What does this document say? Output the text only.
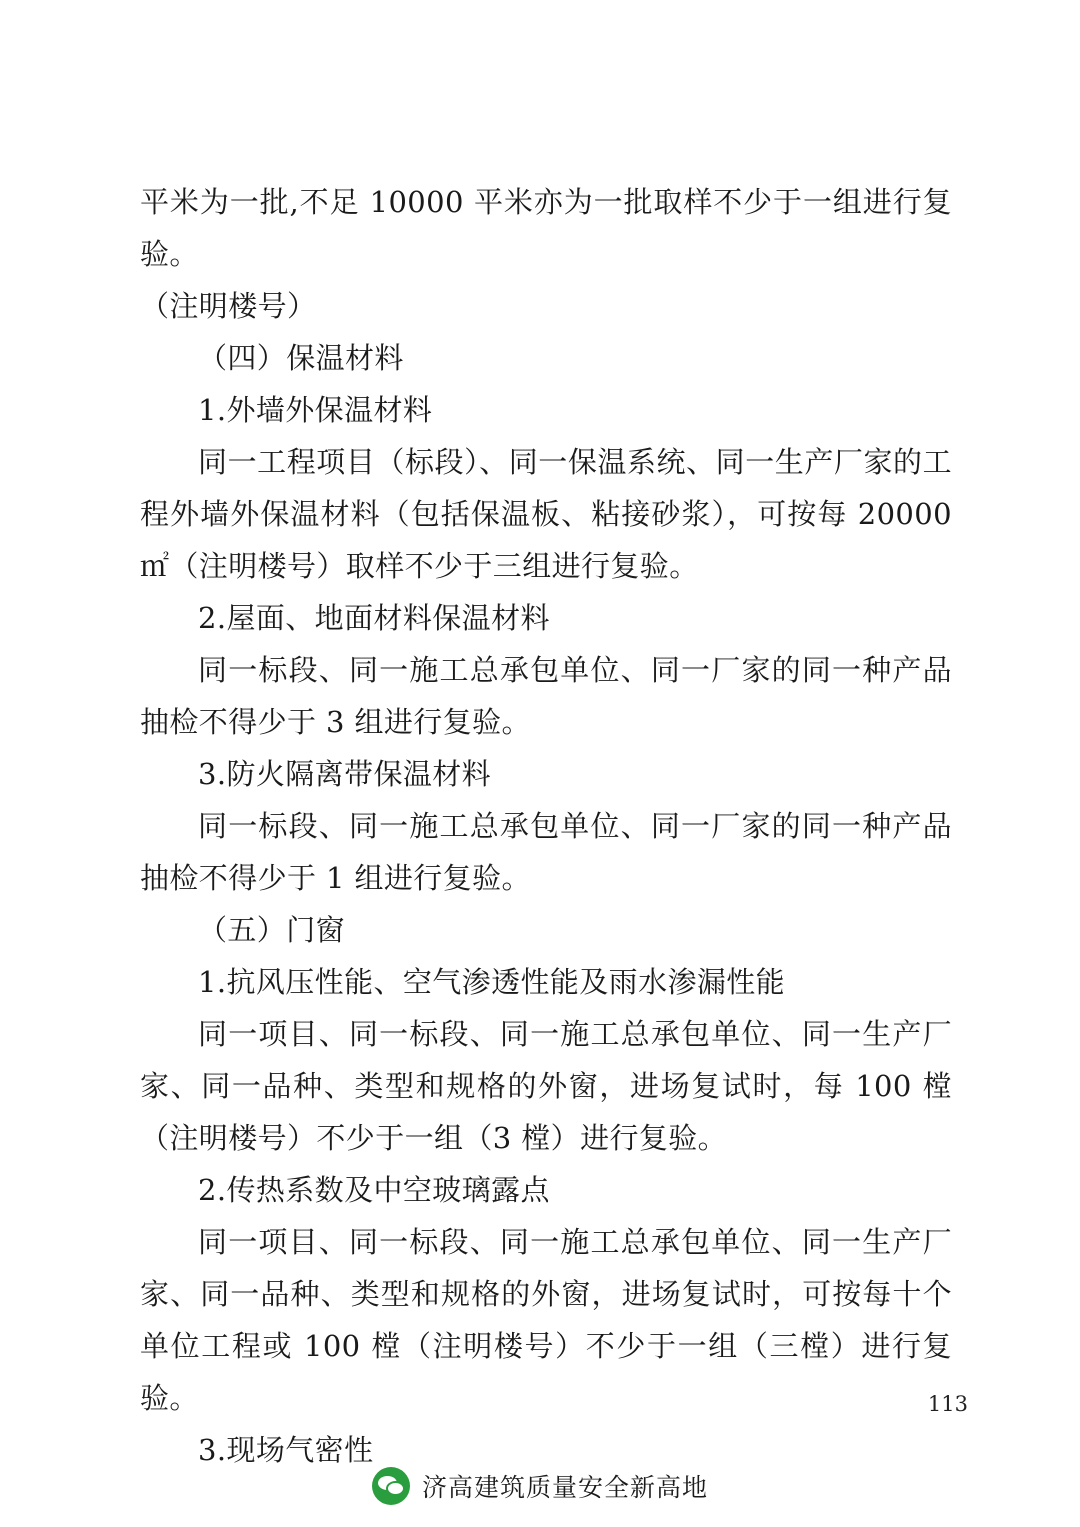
平米为一批,不足 10000 平米亦为一批取样不少于一组进行复验。

（注明楼号）

（四）保温材料

1.外墙外保温材料

同一工程项目（标段）、同一保温系统、同一生产厂家的工程外墙外保温材料（包括保温板、粘接砂浆），可按每 20000㎡（注明楼号）取样不少于三组进行复验。

2.屋面、地面材料保温材料

同一标段、同一施工总承包单位、同一厂家的同一种产品抽检不得少于 3 组进行复验。

3.防火隔离带保温材料

同一标段、同一施工总承包单位、同一厂家的同一种产品抽检不得少于 1 组进行复验。

（五）门窗

1.抗风压性能、空气渗透性能及雨水渗漏性能

同一项目、同一标段、同一施工总承包单位、同一生产厂家、同一品种、类型和规格的外窗，进场复试时，每 100 樘（注明楼号）不少于一组（3 樘）进行复验。

2.传热系数及中空玻璃露点

同一项目、同一标段、同一施工总承包单位、同一生产厂家、同一品种、类型和规格的外窗，进场复试时，可按每十个单位工程或 100 樘（注明楼号）不少于一组（三樘）进行复验。

3.现场气密性

113
济高建筑质量安全新高地
